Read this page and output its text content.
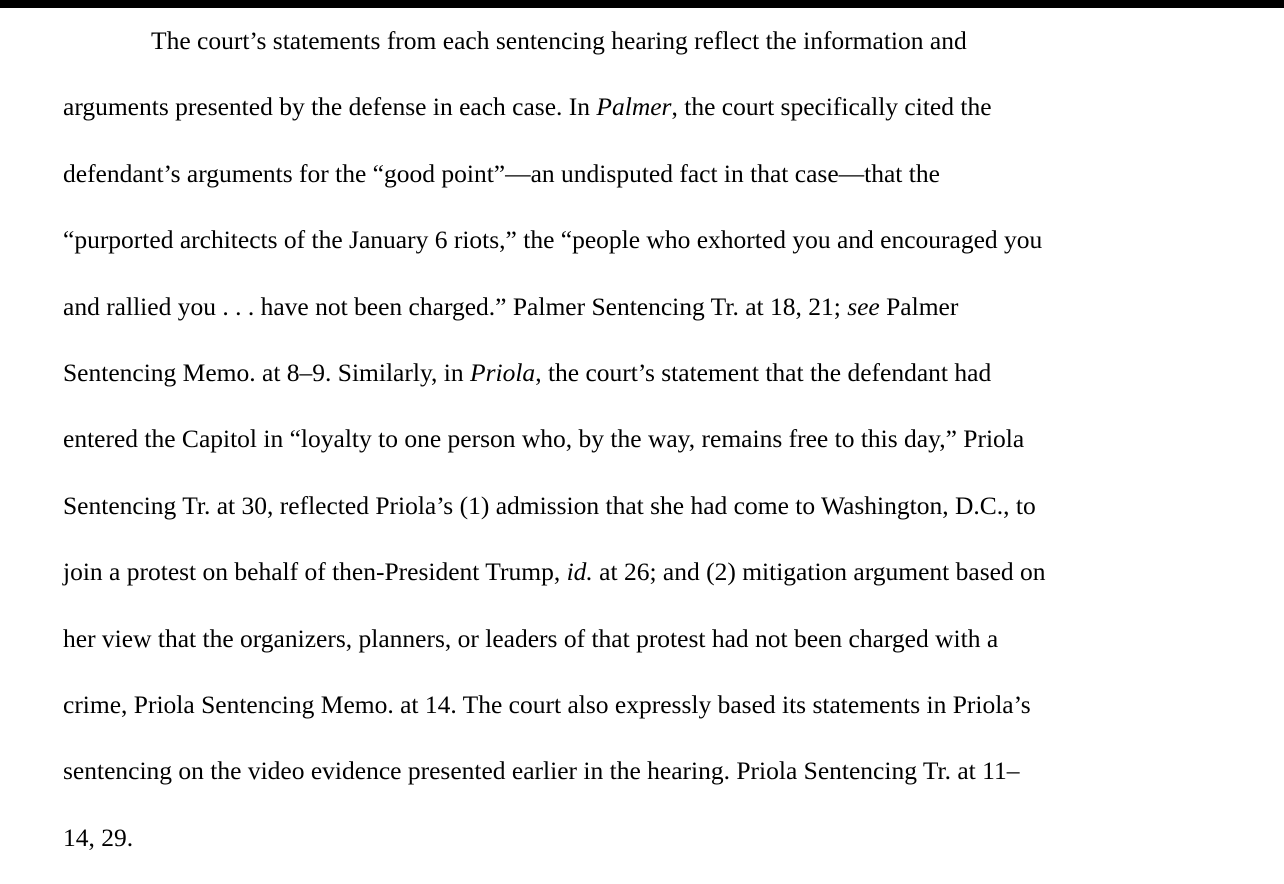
The court’s statements from each sentencing hearing reflect the information and
arguments presented by the defense in each case. In Palmer, the court specifically cited the
defendant’s arguments for the “good point”—an undisputed fact in that case—that the
“purported architects of the January 6 riots,” the “people who exhorted you and encouraged you
and rallied you . . . have not been charged.” Palmer Sentencing Tr. at 18, 21; see Palmer
Sentencing Memo. at 8–9. Similarly, in Priola, the court’s statement that the defendant had
entered the Capitol in “loyalty to one person who, by the way, remains free to this day,” Priola
Sentencing Tr. at 30, reflected Priola’s (1) admission that she had come to Washington, D.C., to
join a protest on behalf of then-President Trump, id. at 26; and (2) mitigation argument based on
her view that the organizers, planners, or leaders of that protest had not been charged with a
crime, Priola Sentencing Memo. at 14. The court also expressly based its statements in Priola’s
sentencing on the video evidence presented earlier in the hearing. Priola Sentencing Tr. at 11–
14, 29.
